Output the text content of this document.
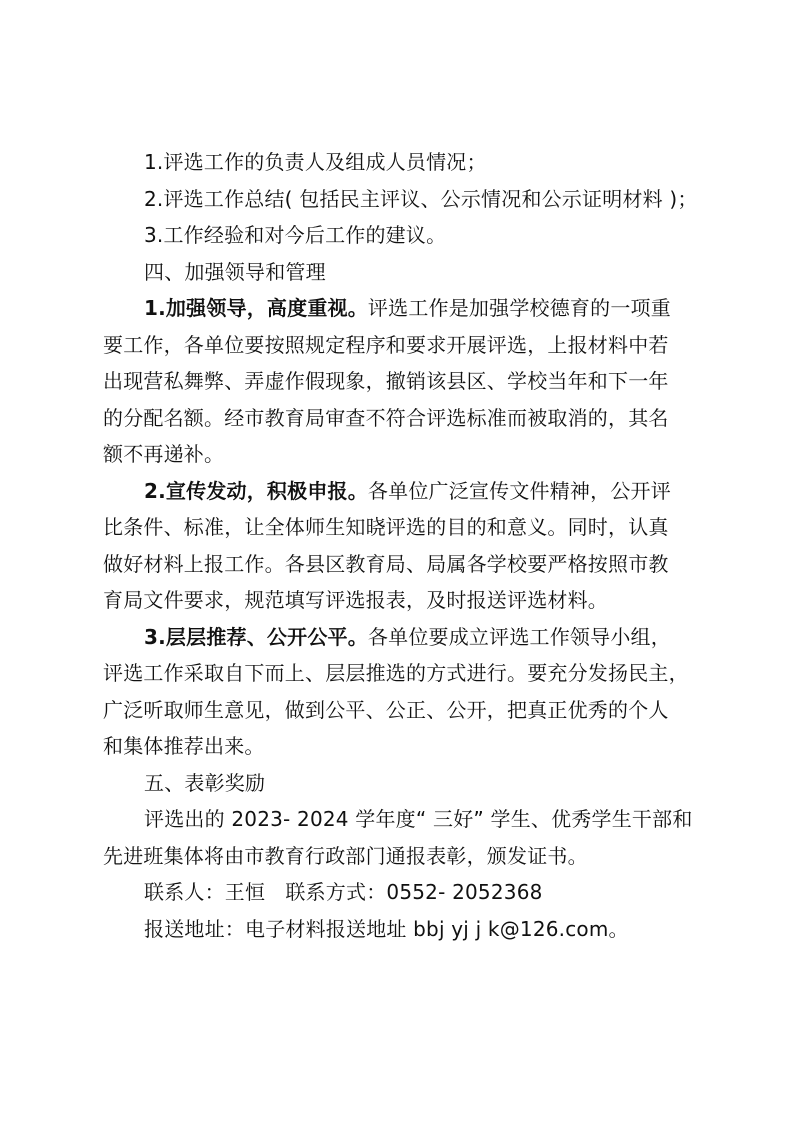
1.评选工作的负责人及组成人员情况；
2.评选工作总结( 包括民主评议、公示情况和公示证明材料 )；
3.工作经验和对今后工作的建议。
四、加强领导和管理
1.加强领导，高度重视。评选工作是加强学校德育的一项重
要工作，各单位要按照规定程序和要求开展评选，上报材料中若
出现营私舞弊、弄虚作假现象，撤销该县区、学校当年和下一年
的分配名额。经市教育局审查不符合评选标准而被取消的，其名
额不再递补。
2.宣传发动，积极申报。各单位广泛宣传文件精神，公开评
比条件、标准，让全体师生知晓评选的目的和意义。同时，认真
做好材料上报工作。各县区教育局、局属各学校要严格按照市教
育局文件要求，规范填写评选报表，及时报送评选材料。
3.层层推荐、公开公平。各单位要成立评选工作领导小组，
评选工作采取自下而上、层层推选的方式进行。要充分发扬民主，
广泛听取师生意见，做到公平、公正、公开，把真正优秀的个人
和集体推荐出来。
五、表彰奖励
评选出的 2023- 2024 学年度“ 三好” 学生、优秀学生干部和
先进班集体将由市教育行政部门通报表彰，颁发证书。
联系人：王恒　联系方式：0552- 2052368
报送地址：电子材料报送地址 bbj yj j k@126.com。
